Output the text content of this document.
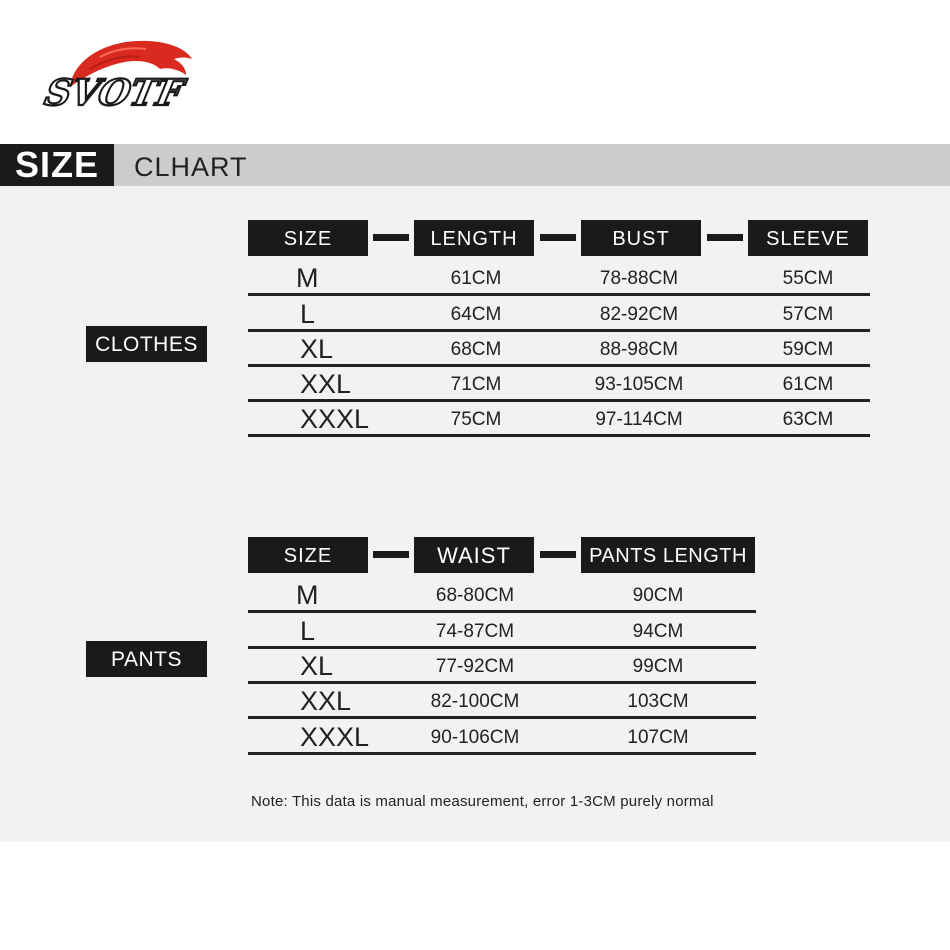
SVOTF
SIZE	CLHART
CLOTHES
SIZE	LENGTH	BUST	SLEEVE
M	61CM	78-88CM	55CM
L	64CM	82-92CM	57CM
XL	68CM	88-98CM	59CM
XXL	71CM	93-105CM	61CM
XXXL	75CM	97-114CM	63CM
PANTS
SIZE	WAIST	PANTS LENGTH
M	68-80CM	90CM
L	74-87CM	94CM
XL	77-92CM	99CM
XXL	82-100CM	103CM
XXXL	90-106CM	107CM
Note: This data is manual measurement, error 1-3CM purely normal
